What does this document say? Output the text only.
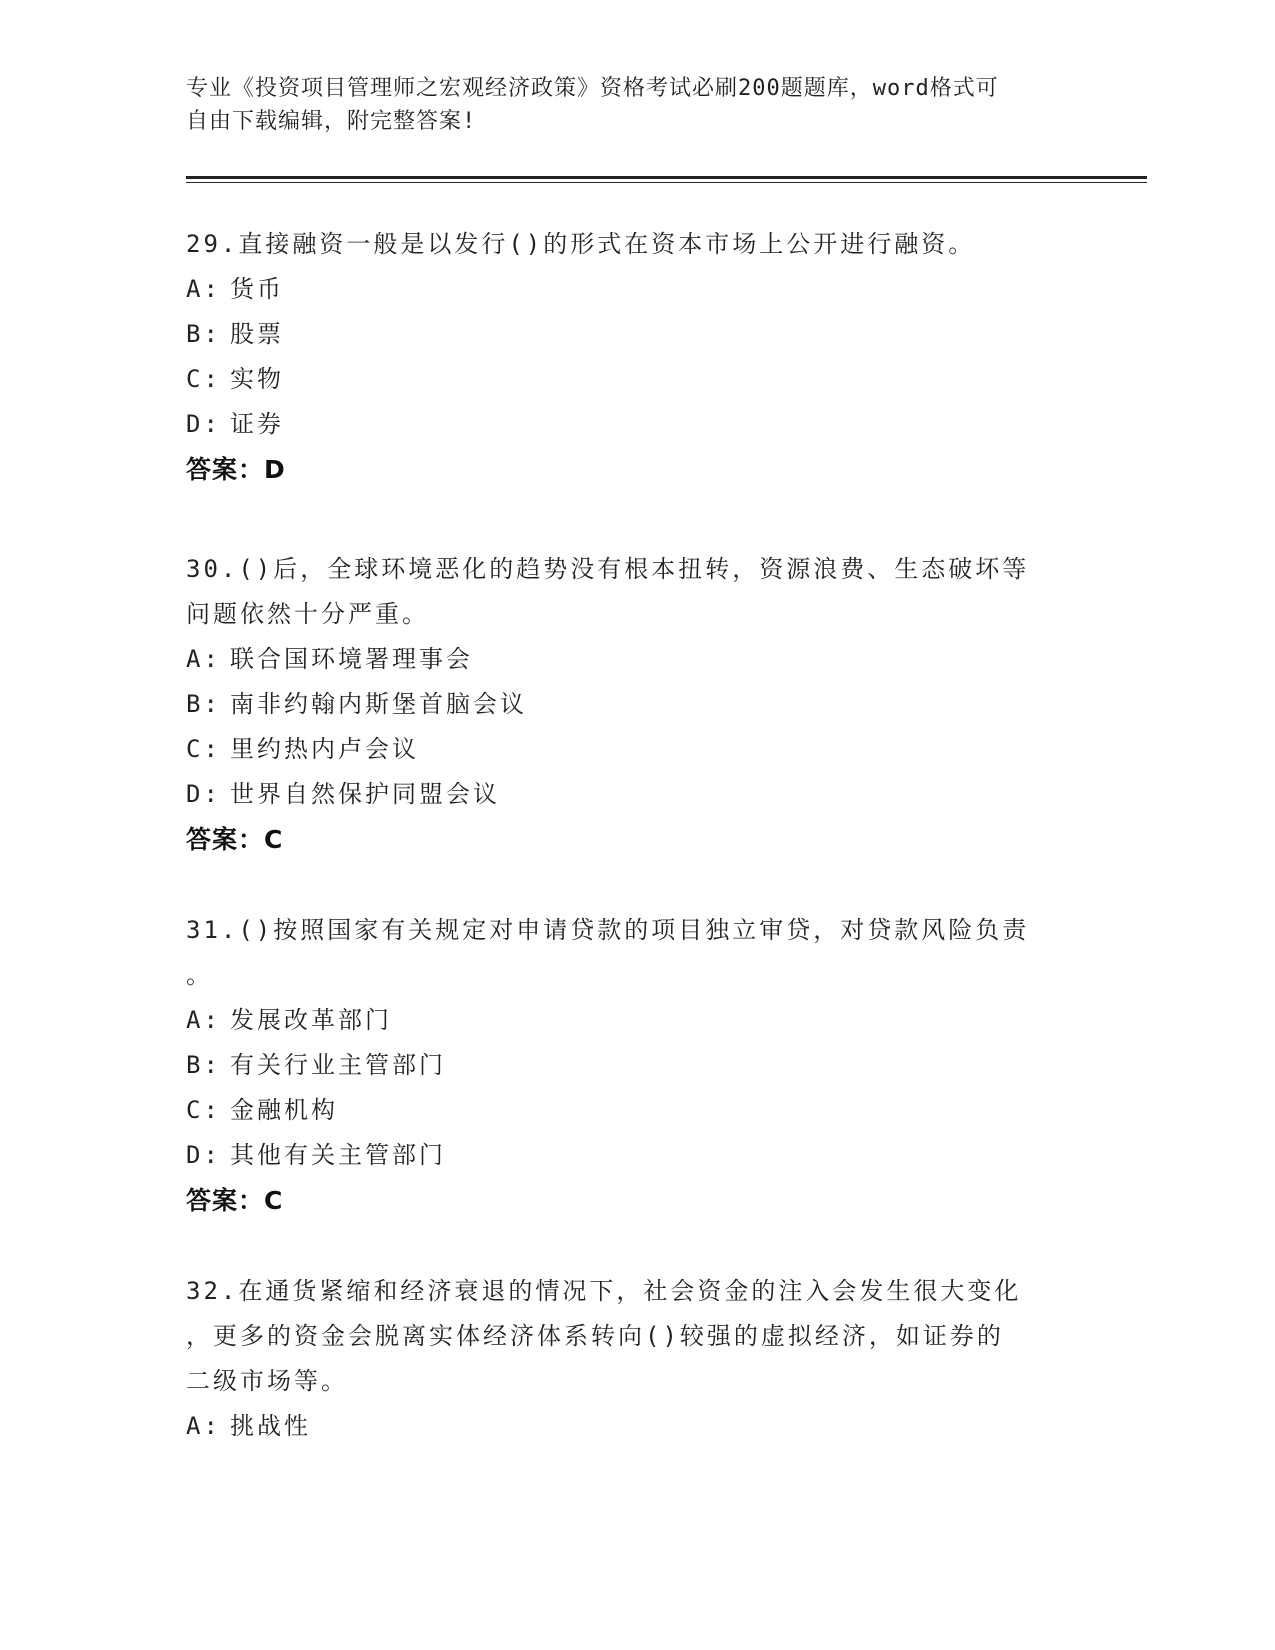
专业《投资项目管理师之宏观经济政策》资格考试必刷200题题库，word格式可
自由下载编辑，附完整答案!
29.直接融资一般是以发行()的形式在资本市场上公开进行融资。
A: 货币
B: 股票
C: 实物
D: 证券
答案：D
30.()后，全球环境恶化的趋势没有根本扭转，资源浪费、生态破坏等
问题依然十分严重。
A: 联合国环境署理事会
B: 南非约翰内斯堡首脑会议
C: 里约热内卢会议
D: 世界自然保护同盟会议
答案：C
31.()按照国家有关规定对申请贷款的项目独立审贷，对贷款风险负责
。
A: 发展改革部门
B: 有关行业主管部门
C: 金融机构
D: 其他有关主管部门
答案：C
32.在通货紧缩和经济衰退的情况下，社会资金的注入会发生很大变化
，更多的资金会脱离实体经济体系转向()较强的虚拟经济，如证券的
二级市场等。
A: 挑战性
